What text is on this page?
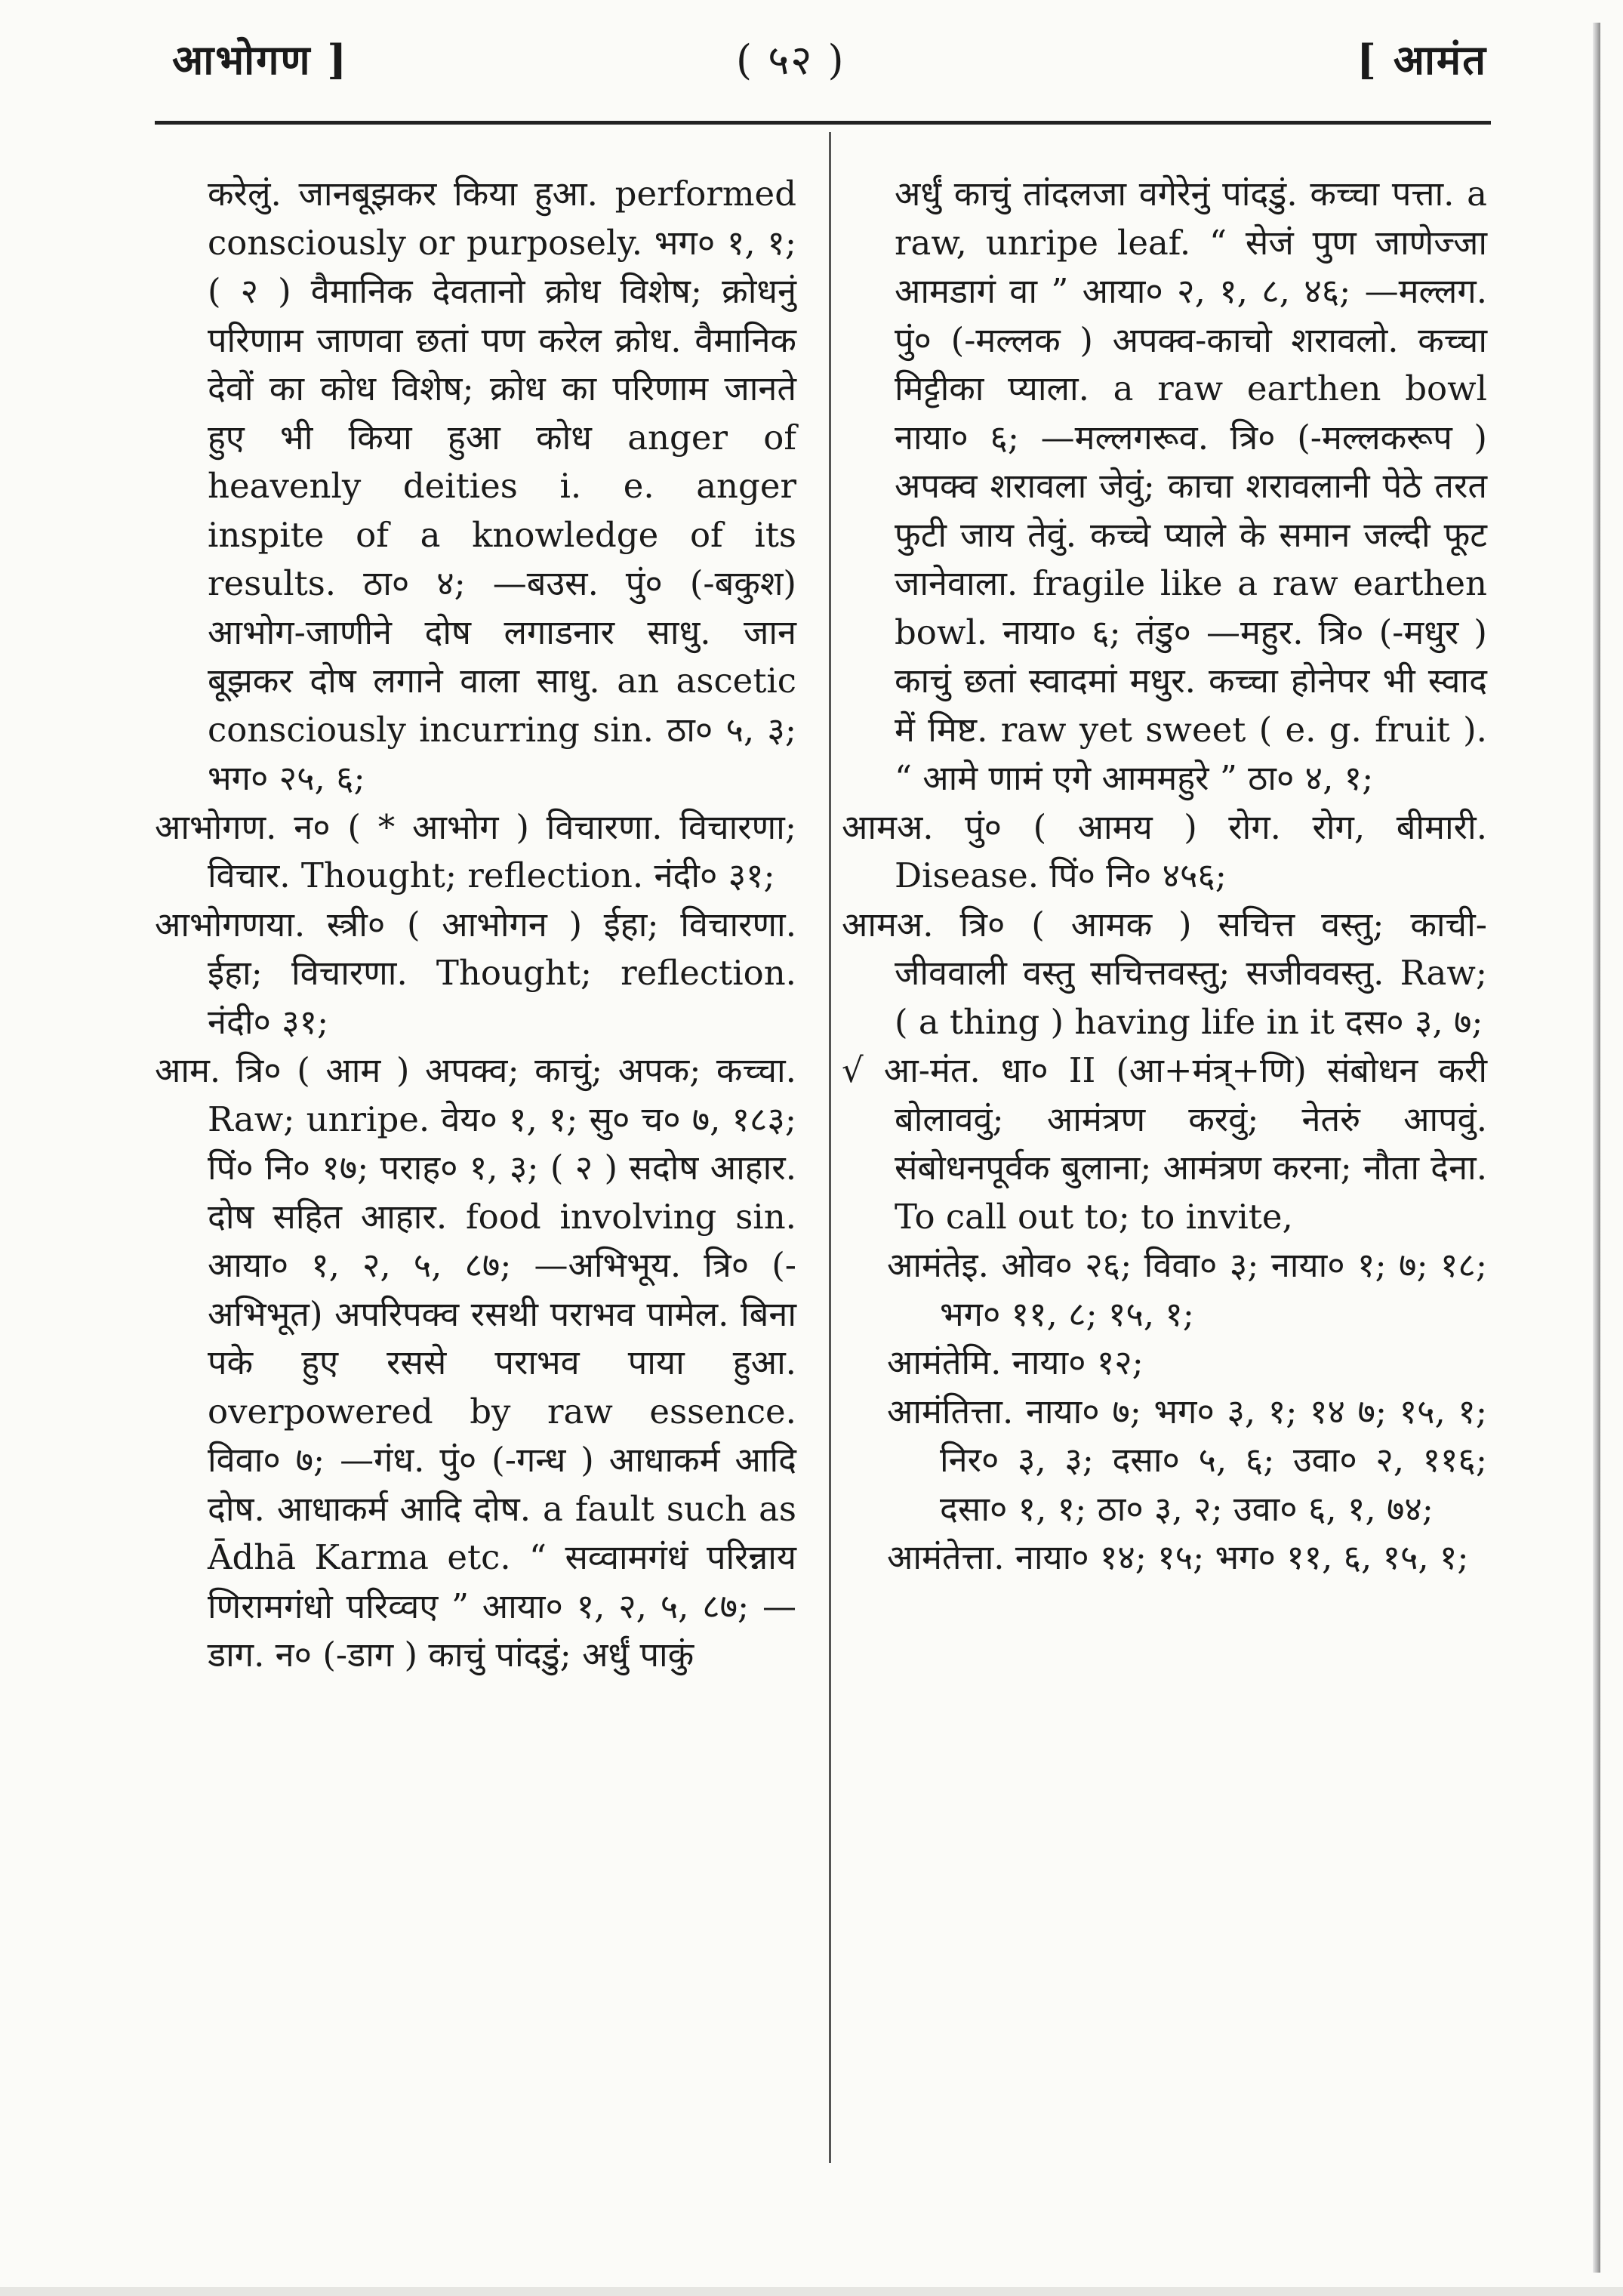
आभोगण ]	( ५२ )	[ आमंत

करेलुं. जानबूझकर किया हुआ. performed consciously or purposely. भग० १, १; ( २ ) वैमानिक देवतानो क्रोध विशेष; क्रोधनुं परिणाम जाणवा छतां पण करेल क्रोध. वैमानिक देवों का कोध विशेष; क्रोध का परिणाम जानते हुए भी किया हुआ कोध anger of heavenly deities i. e. anger inspite of a knowledge of its results. ठा० ४; —बउस. पुं० (-बकुश) आभोग-जाणीने दोष लगाडनार साधु. जान बूझकर दोष लगाने वाला साधु. an ascetic consciously incurring sin. ठा० ५, ३; भग० २५, ६;

आभोगण. न० ( * आभोग ) विचारणा. विचारणा; विचार. Thought; reflection. नंदी० ३१;

आभोगणया. स्त्री० ( आभोगन ) ईहा; विचारणा. ईहा; विचारणा. Thought; reflection. नंदी० ३१;

आम. त्रि० ( आम ) अपक्व; काचुं; अपक; कच्चा. Raw; unripe. वेय० १, १; सु० च० ७, १८३; पिं० नि० १७; पराह० १, ३; ( २ ) सदोष आहार. दोष सहित आहार. food involving sin. आया० १, २, ५, ८७; —अभिभूय. त्रि० (-अभिभूत) अपरिपक्व रसथी पराभव पामेल. बिना पके हुए रससे पराभव पाया हुआ. overpowered by raw essence. विवा० ७; —गंध. पुं० (-गन्ध ) आधाकर्म आदि दोष. आधाकर्म आदि दोष. a fault such as Ādhā Karma etc. “ सव्वामगंधं परिन्नाय णिरामगंधो परिव्वए ” आया० १, २, ५, ८७; —डाग. न० (-डाग ) काचुं पांदडुं; अर्धुं पाकुं

अर्धुं काचुं तांदलजा वगेरेनुं पांदडुं. कच्चा पत्ता. a raw, unripe leaf. “ सेजं पुण जाणेज्जा आमडागं वा ” आया० २, १, ८, ४६; —मल्लग. पुं० (-मल्लक ) अपक्व-काचो शरावलो. कच्चा मिट्टीका प्याला. a raw earthen bowl नाया० ६; —मल्लगरूव. त्रि० (-मल्लकरूप ) अपक्व शरावला जेवुं; काचा शरावलानी पेठे तरत फुटी जाय तेवुं. कच्चे प्याले के समान जल्दी फूट जानेवाला. fragile like a raw earthen bowl. नाया० ६; तंडु० —महुर. त्रि० (-मधुर ) काचुं छतां स्वादमां मधुर. कच्चा होनेपर भी स्वाद में मिष्ट. raw yet sweet ( e. g. fruit ). “ आमे णामं एगे आममहुरे ” ठा० ४, १;

आमअ. पुं० ( आमय ) रोग. रोग, बीमारी. Disease. पिं० नि० ४५६;

आमअ. त्रि० ( आमक ) सचित्त वस्तु; काची-जीववाली वस्तु सचित्तवस्तु; सजीववस्तु. Raw; ( a thing ) having life in it दस० ३, ७;

√ आ-मंत. धा० II (आ+मंत्र्+णि) संबोधन करी बोलाववुं; आमंत्रण करवुं; नेतरुं आपवुं. संबोधनपूर्वक बुलाना; आमंत्रण करना; नौता देना. To call out to; to invite,

आमंतेइ. ओव० २६; विवा० ३; नाया० १; ७; १८; भग० ११, ८; १५, १;

आमंतेमि. नाया० १२;

आमंतित्ता. नाया० ७; भग० ३, १; १४ ७; १५, १; निर० ३, ३; दसा० ५, ६; उवा० २, ११६; दसा० १, १; ठा० ३, २; उवा० ६, १, ७४;

आमंतेत्ता. नाया० १४; १५; भग० ११, ६, १५, १;
